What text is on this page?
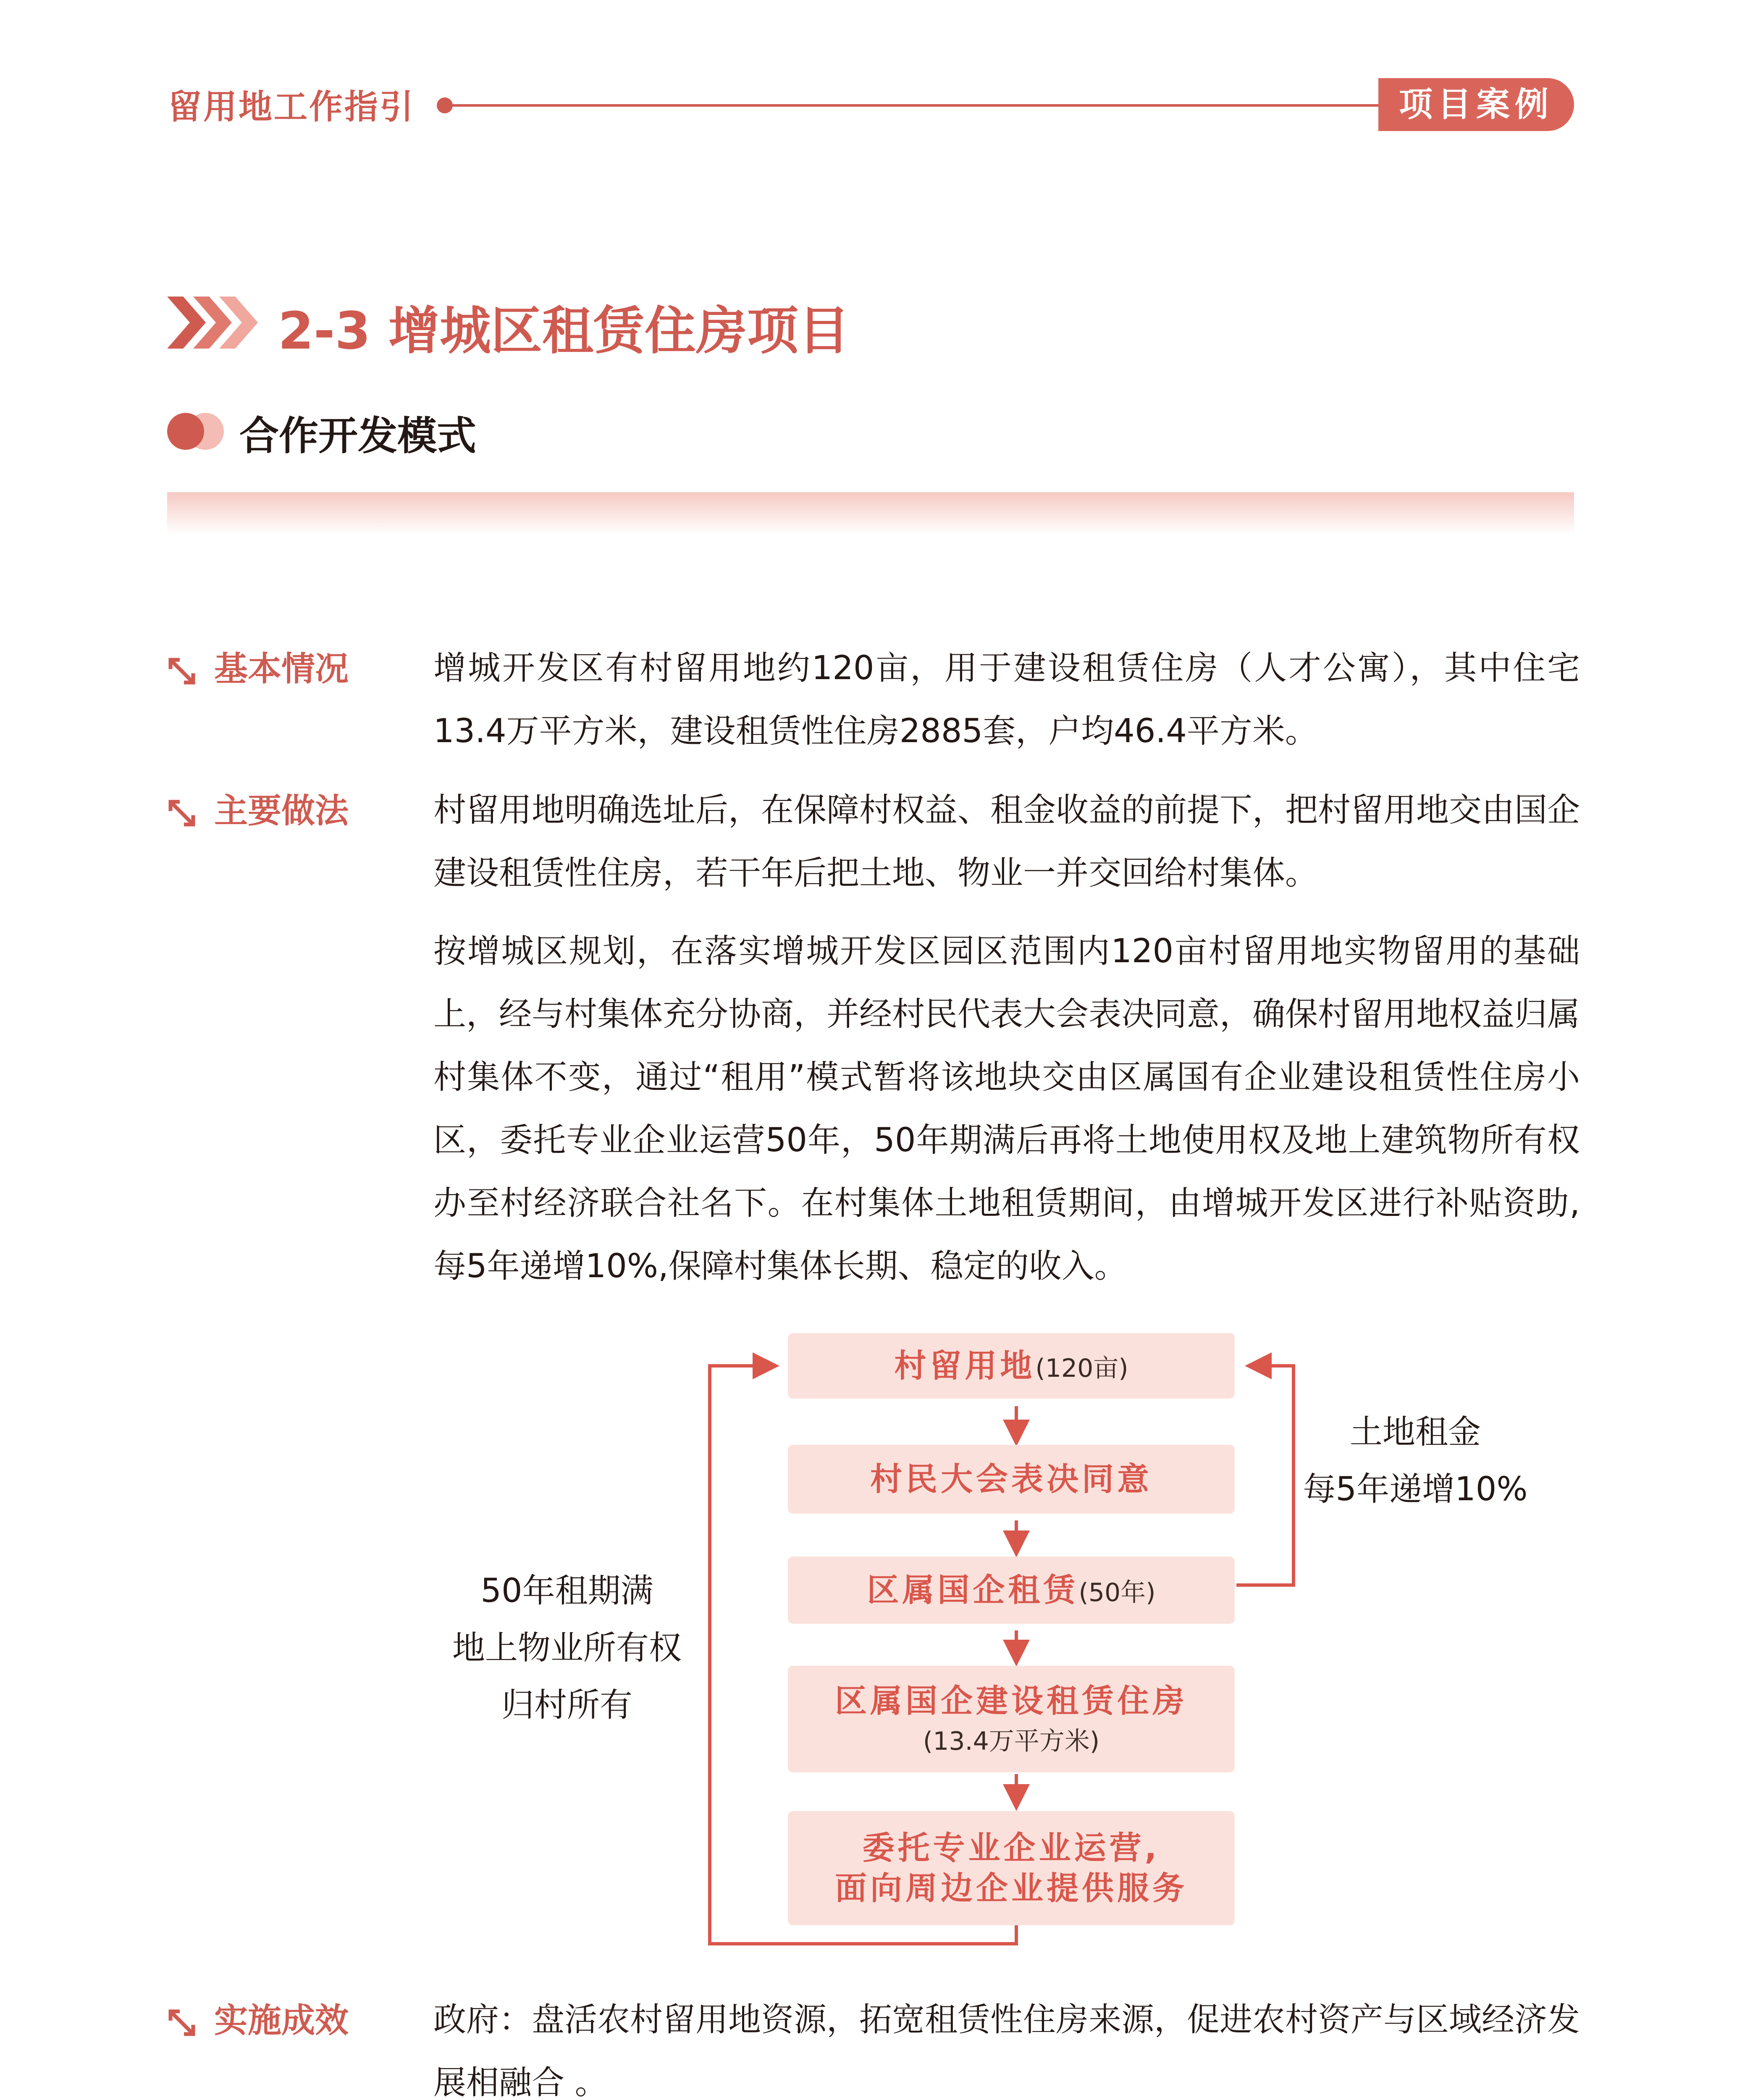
留用地工作指引	项目案例
2-3 增城区租赁住房项目
合作开发模式
基本情况	增城开发区有村留用地约120亩，用于建设租赁住房（人才公寓），其中住宅13.4万平方米，建设租赁性住房2885套，户均46.4平方米。
主要做法	村留用地明确选址后，在保障村权益、租金收益的前提下，把村留用地交由国企建设租赁性住房，若干年后把土地、物业一并交回给村集体。
按增城区规划，在落实增城开发区园区范围内120亩村留用地实物留用的基础上，经与村集体充分协商，并经村民代表大会表决同意，确保村留用地权益归属村集体不变，通过“租用”模式暂将该地块交由区属国有企业建设租赁性住房小区，委托专业企业运营50年，50年期满后再将土地使用权及地上建筑物所有权办至村经济联合社名下。在村集体土地租赁期间，由增城开发区进行补贴资助,每5年递增10%,保障村集体长期、稳定的收入。
村留用地(120亩)
村民大会表决同意
区属国企租赁(50年)
区属国企建设租赁住房
(13.4万平方米)
委托专业企业运营,
面向周边企业提供服务
50年租期满
地上物业所有权
归村所有
土地租金
每5年递增10%
实施成效	政府：盘活农村留用地资源，拓宽租赁性住房来源，促进农村资产与区域经济发展相融合 。
